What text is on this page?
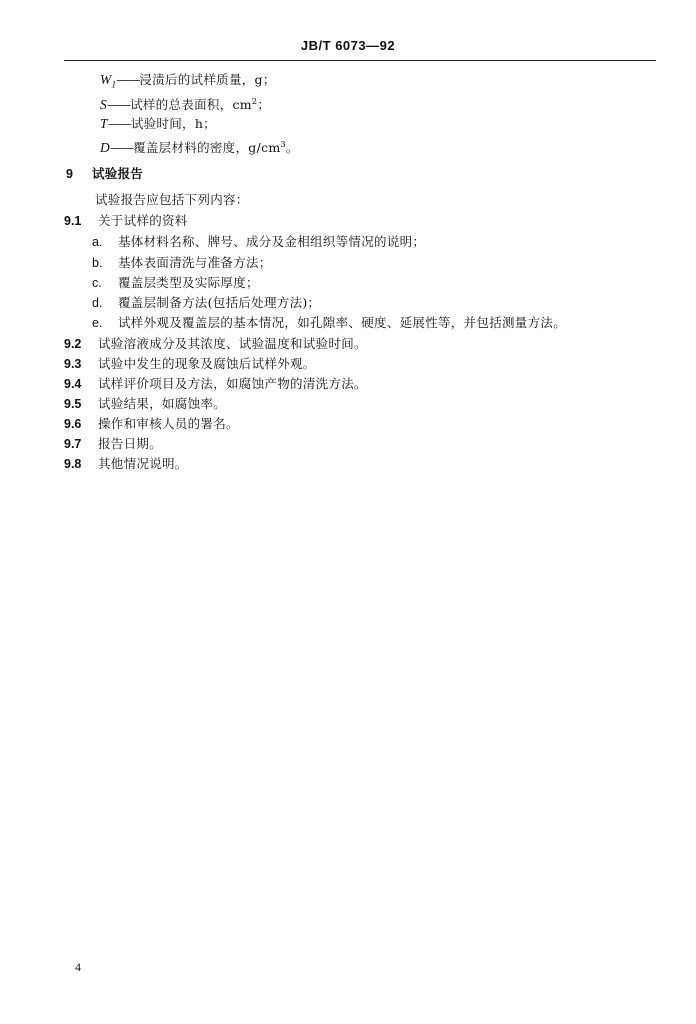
JB/T 6073—92
$W_1——$浸渍后的试样质量，g；
S——试样的总表面积，$cm^2$；
T——试验时间，h；
D——覆盖层材料的密度，$g/cm^3$。
9 试验报告
试验报告应包括下列内容：
9.1 关于试样的资料
a. 基体材料名称、牌号、成分及金相组织等情况的说明；
b. 基体表面清洗与准备方法；
c. 覆盖层类型及实际厚度；
d. 覆盖层制备方法(包括后处理方法)；
e. 试样外观及覆盖层的基本情况，如孔隙率、硬度、延展性等，并包括测量方法。
9.2 试验溶液成分及其浓度、试验温度和试验时间。
9.3 试验中发生的现象及腐蚀后试样外观。
9.4 试样评价项目及方法，如腐蚀产物的清洗方法。
9.5 试验结果，如腐蚀率。
9.6 操作和审核人员的署名。
9.7 报告日期。
9.8 其他情况说明。
4
